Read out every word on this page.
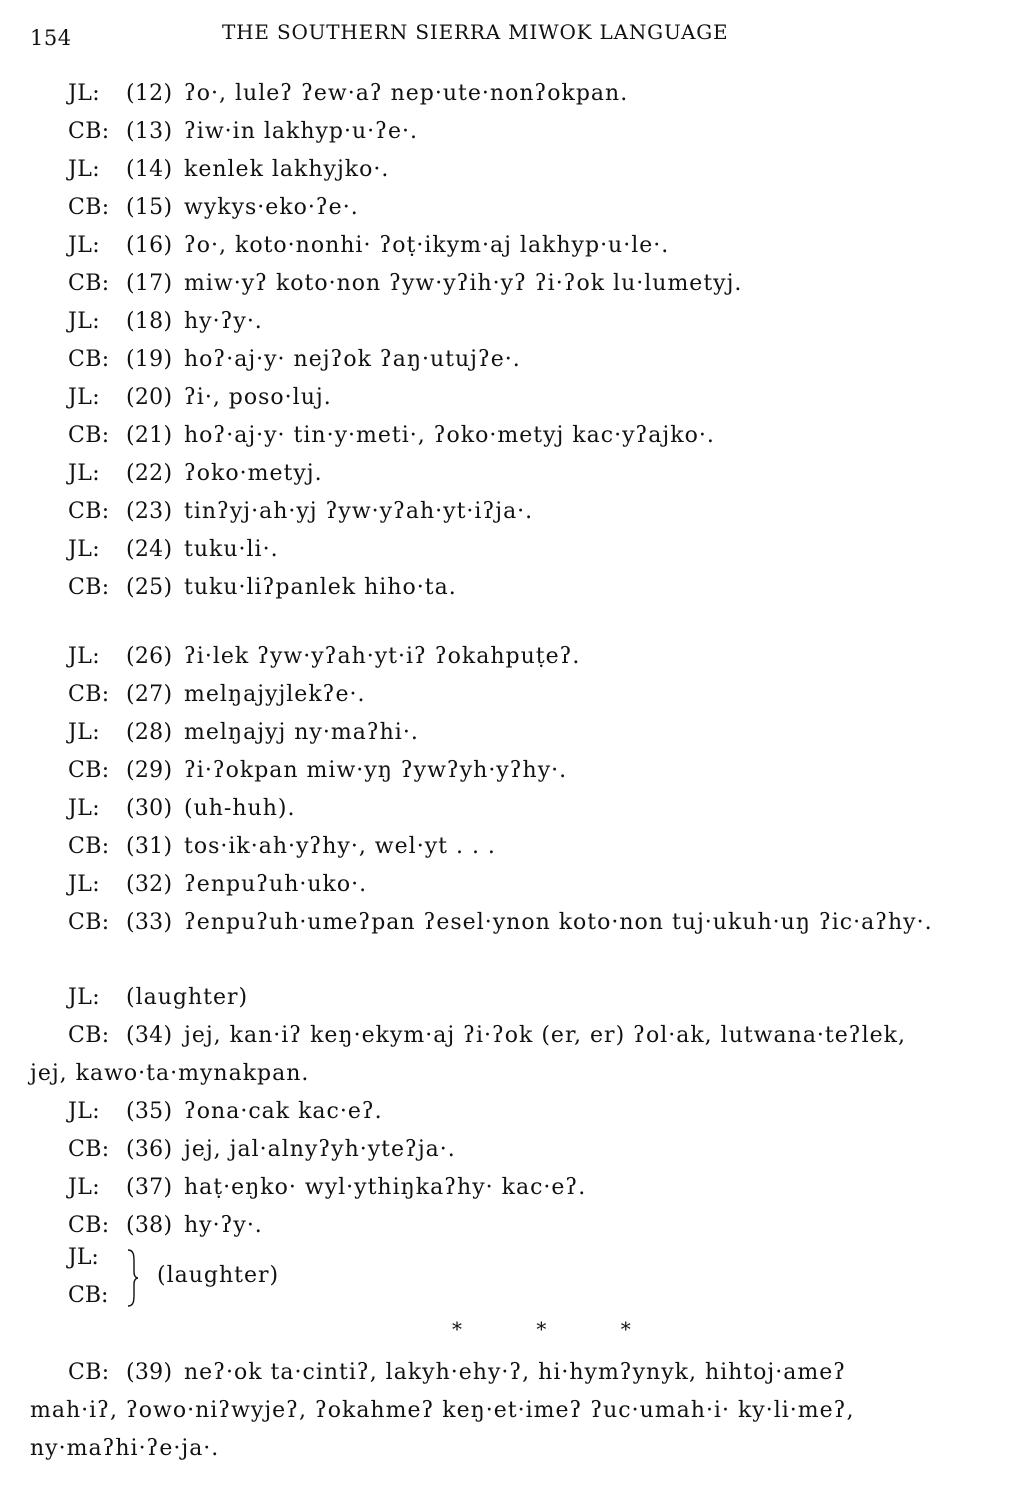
154	THE SOUTHERN SIERRA MIWOK LANGUAGE
JL: (12) ʔo·, luleʔ ʔew·aʔ nep·ute·nonʔokpan.
CB: (13) ʔiw·in lakhyp·u·ʔe·.
JL: (14) kenlek lakhyjko·.
CB: (15) wykys·eko·ʔe·.
JL: (16) ʔo·, koto·nonhi· ʔoṭ·ikym·aj lakhyp·u·le·.
CB: (17) miw·yʔ koto·non ʔyw·yʔih·yʔ ʔi·ʔok lu·lumetyj.
JL: (18) hy·ʔy·.
CB: (19) hoʔ·aj·y· nejʔok ʔaŋ·utujʔe·.
JL: (20) ʔi·, poso·luj.
CB: (21) hoʔ·aj·y· tin·y·meti·, ʔoko·metyj kac·yʔajko·.
JL: (22) ʔoko·metyj.
CB: (23) tinʔyj·ah·yj ʔyw·yʔah·yt·iʔja·.
JL: (24) tuku·li·.
CB: (25) tuku·liʔpanlek hiho·ta.
JL: (26) ʔi·lek ʔyw·yʔah·yt·iʔ ʔokahpuṭeʔ.
CB: (27) melŋajyjlekʔe·.
JL: (28) melŋajyj ny·maʔhi·.
CB: (29) ʔi·ʔokpan miw·yŋ ʔywʔyh·yʔhy·.
JL: (30) (uh-huh).
CB: (31) tos·ik·ah·yʔhy·, wel·yt . . .
JL: (32) ʔenpuʔuh·uko·.
CB: (33) ʔenpuʔuh·umeʔpan ʔesel·ynon koto·non tuj·ukuh·uŋ ʔic·aʔhy·.
JL: (laughter)
CB: (34) jej, kan·iʔ keŋ·ekym·aj ʔi·ʔok (er, er) ʔol·ak, lutwana·teʔlek,
jej, kawo·ta·mynakpan.
JL: (35) ʔona·cak kac·eʔ.
CB: (36) jej, jal·alnyʔyh·yteʔja·.
JL: (37) haṭ·eŋko· wyl·ythiŋkaʔhy· kac·eʔ.
CB: (38) hy·ʔy·.
JL:
CB:
(laughter)
* * *
CB: (39) neʔ·ok ta·cintiʔ, lakyh·ehy·ʔ, hi·hymʔynyk, hihtoj·ameʔ
mah·iʔ, ʔowo·niʔwyjeʔ, ʔokahmeʔ keŋ·et·imeʔ ʔuc·umah·i· ky·li·meʔ,
ny·maʔhi·ʔe·ja·.
